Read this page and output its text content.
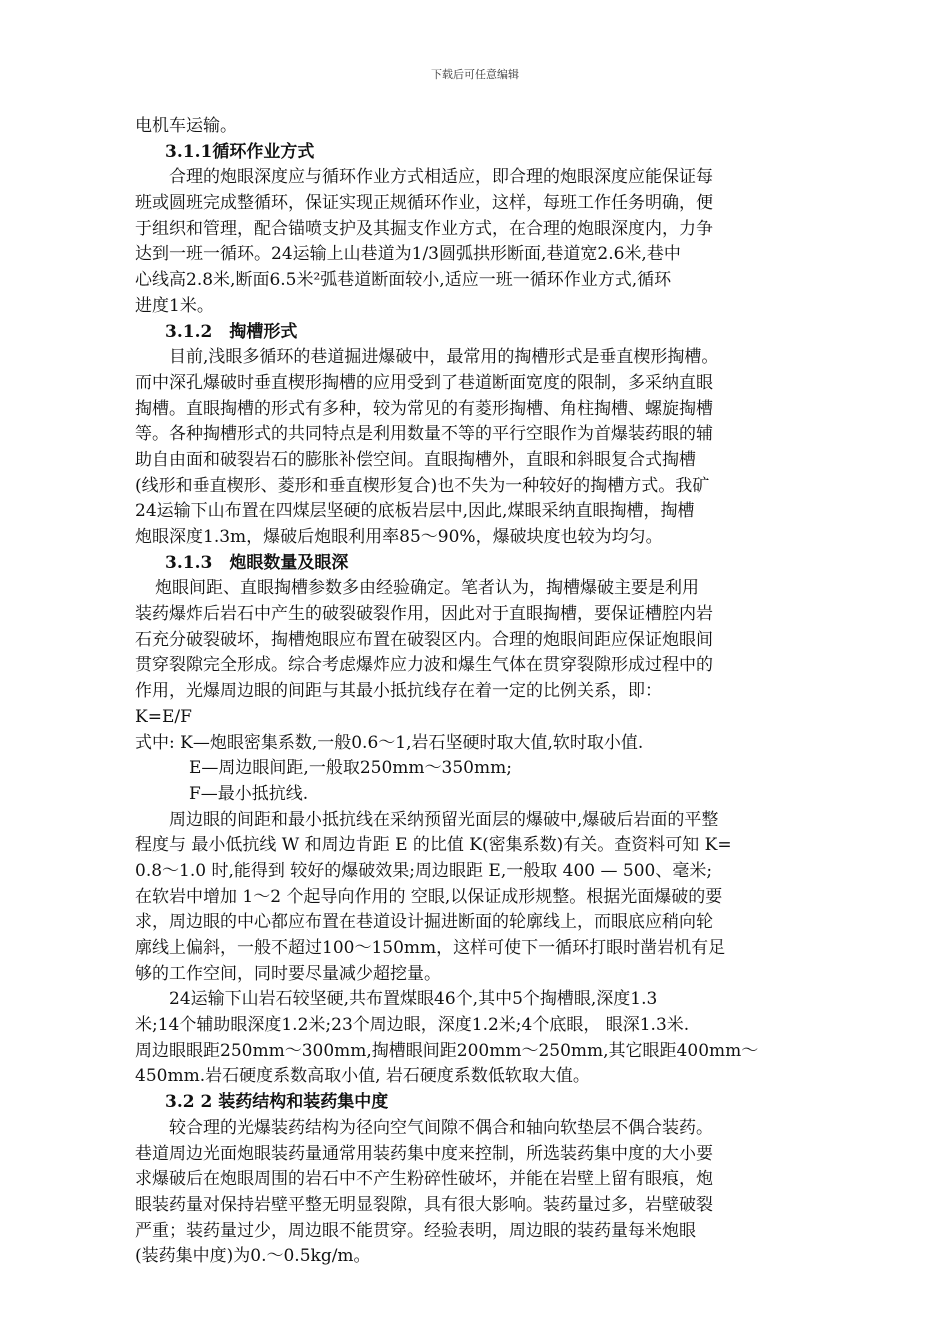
下载后可任意编辑
电机车运输。
3.1.1循环作业方式
合理的炮眼深度应与循环作业方式相适应，即合理的炮眼深度应能保证每
班或圆班完成整循环，保证实现正规循环作业，这样，每班工作任务明确，便
于组织和管理，配合锚喷支护及其掘支作业方式，在合理的炮眼深度内，力争
达到一班一循环。24运输上山巷道为1/3圆弧拱形断面,巷道宽2.6米,巷中
心线高2.8米,断面6.5米²弧巷道断面较小,适应一班一循环作业方式,循环
进度1米。
3.1.2　掏槽形式
目前,浅眼多循环的巷道掘进爆破中，最常用的掏槽形式是垂直楔形掏槽。
而中深孔爆破时垂直楔形掏槽的应用受到了巷道断面宽度的限制，多采纳直眼
掏槽。直眼掏槽的形式有多种，较为常见的有菱形掏槽、角柱掏槽、螺旋掏槽
等。各种掏槽形式的共同特点是利用数量不等的平行空眼作为首爆装药眼的辅
助自由面和破裂岩石的膨胀补偿空间。直眼掏槽外，直眼和斜眼复合式掏槽
(线形和垂直楔形、菱形和垂直楔形复合)也不失为一种较好的掏槽方式。我矿
24运输下山布置在四煤层坚硬的底板岩层中,因此,煤眼采纳直眼掏槽，掏槽
炮眼深度1.3m，爆破后炮眼利用率85～90%，爆破块度也较为均匀。
3.1.3　炮眼数量及眼深
炮眼间距、直眼掏槽参数多由经验确定。笔者认为，掏槽爆破主要是利用
装药爆炸后岩石中产生的破裂破裂作用，因此对于直眼掏槽，要保证槽腔内岩
石充分破裂破坏，掏槽炮眼应布置在破裂区内。合理的炮眼间距应保证炮眼间
贯穿裂隙完全形成。综合考虑爆炸应力波和爆生气体在贯穿裂隙形成过程中的
作用，光爆周边眼的间距与其最小抵抗线存在着一定的比例关系，即：
K=E/F
式中: K—炮眼密集系数,一般0.6～1,岩石坚硬时取大值,软时取小值.
E—周边眼间距,一般取250mm～350mm;
F—最小抵抗线.
周边眼的间距和最小抵抗线在采纳预留光面层的爆破中,爆破后岩面的平整
程度与 最小低抗线 W 和周边肯距 E 的比值 K(密集系数)有关。查资料可知 K=
0.8～1.0 时,能得到 较好的爆破效果;周边眼距 E,一般取 400 — 500、毫米;
在软岩中增加 1～2 个起导向作用的 空眼,以保证成形规整。根据光面爆破的要
求，周边眼的中心都应布置在巷道设计掘进断面的轮廓线上，而眼底应稍向轮
廓线上偏斜，一般不超过100～150mm，这样可使下一循环打眼时凿岩机有足
够的工作空间，同时要尽量减少超挖量。
24运输下山岩石较坚硬,共布置煤眼46个,其中5个掏槽眼,深度1.3
米;14个辅助眼深度1.2米;23个周边眼，深度1.2米;4个底眼， 眼深1.3米.
周边眼眼距250mm～300mm,掏槽眼间距200mm～250mm,其它眼距400mm～
450mm.岩石硬度系数高取小值, 岩石硬度系数低软取大值。
3.2 2 装药结构和装药集中度
较合理的光爆装药结构为径向空气间隙不偶合和轴向软垫层不偶合装药。
巷道周边光面炮眼装药量通常用装药集中度来控制，所选装药集中度的大小要
求爆破后在炮眼周围的岩石中不产生粉碎性破坏，并能在岩壁上留有眼痕，炮
眼装药量对保持岩壁平整无明显裂隙，具有很大影响。装药量过多，岩壁破裂
严重；装药量过少，周边眼不能贯穿。经验表明，周边眼的装药量每米炮眼
(装药集中度)为0.～0.5kg/m。
